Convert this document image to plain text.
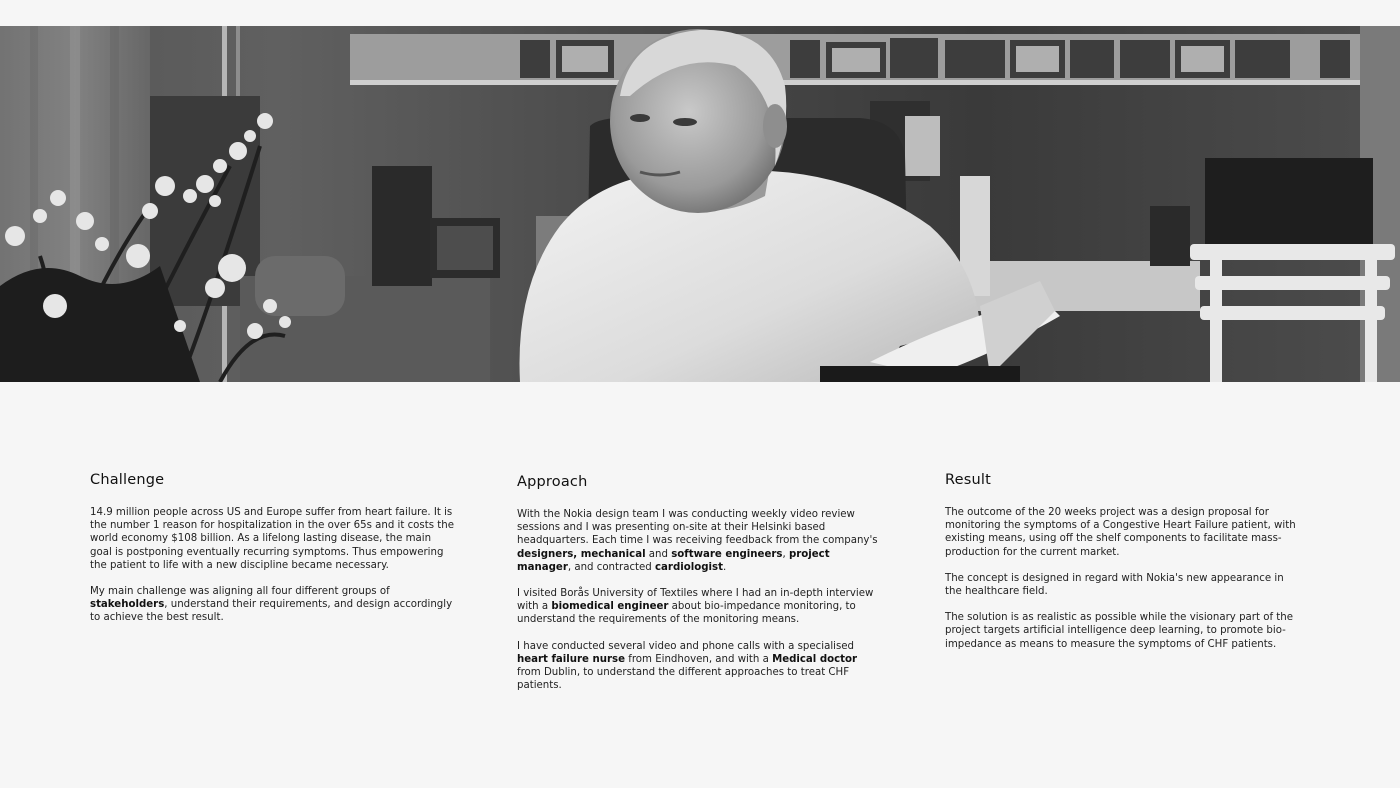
Challenge

14.9 million people across US and Europe suffer from heart failure. It is the number 1 reason for hospitalization in the over 65s and it costs the world economy $108 billion. As a lifelong lasting disease, the main goal is postponing eventually recurring symptoms. Thus empowering the patient to life with a new discipline became necessary.

My main challenge was aligning all four different groups of stakeholders, understand their requirements, and design accordingly to achieve the best result.

Approach

With the Nokia design team I was conducting weekly video review sessions and I was presenting on-site at their Helsinki based headquarters. Each time I was receiving feedback from the company's designers, mechanical and software engineers, project manager, and contracted cardiologist.

I visited Borås University of Textiles where I had an in-depth interview with a biomedical engineer about bio-impedance monitoring, to understand the requirements of the monitoring means.

I have conducted several video and phone calls with a specialised heart failure nurse from Eindhoven, and with a Medical doctor from Dublin, to understand the different approaches to treat CHF patients.

Result

The outcome of the 20 weeks project was a design proposal for monitoring the symptoms of a Congestive Heart Failure patient, with existing means, using off the shelf components to facilitate mass-production for the current market.

The concept is designed in regard with Nokia's new appearance in the healthcare field.

The solution is as realistic as possible while the visionary part of the project targets artificial intelligence deep learning, to promote bio-impedance as means to measure the symptoms of CHF patients.
